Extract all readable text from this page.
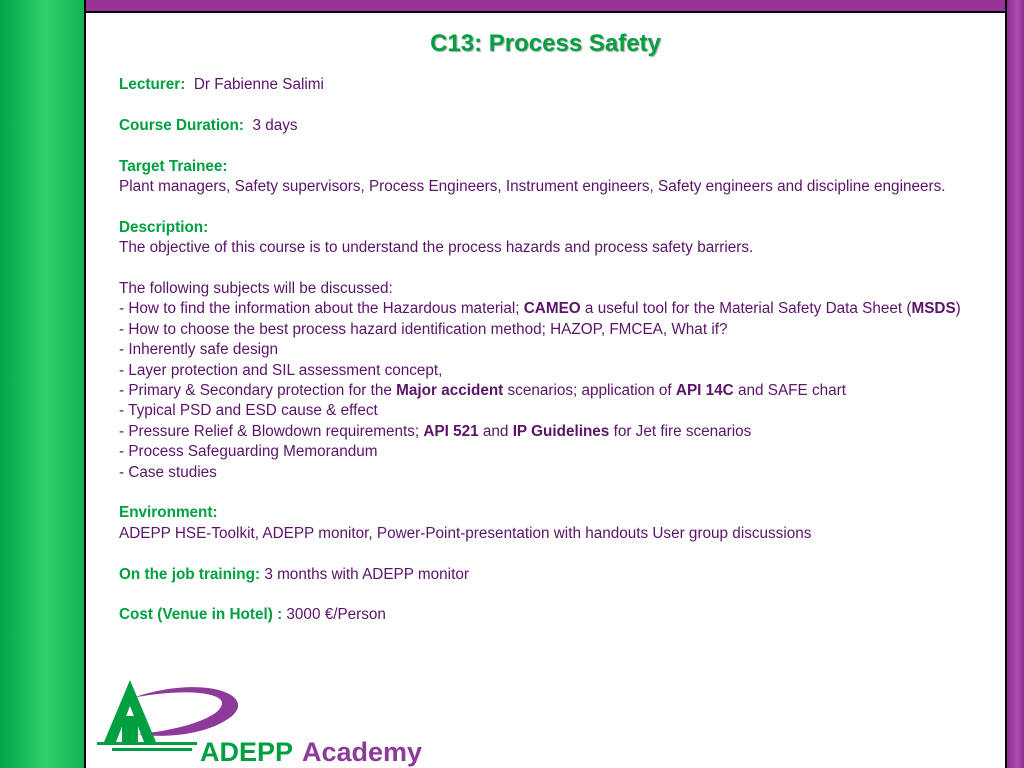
C13: Process Safety

Lecturer: Dr Fabienne Salimi

Course Duration: 3 days

Target Trainee:

Plant managers, Safety supervisors, Process Engineers, Instrument engineers, Safety engineers and discipline engineers.

Description:

The objective of this course is to understand the process hazards and process safety barriers.

The following subjects will be discussed:

- How to find the information about the Hazardous material; CAMEO a useful tool for the Material Safety Data Sheet (MSDS)

- How to choose the best process hazard identification method; HAZOP, FMCEA, What if?

- Inherently safe design

- Layer protection and SIL assessment concept,

- Primary & Secondary protection for the Major accident scenarios; application of API 14C and SAFE chart

- Typical PSD and ESD cause & effect

- Pressure Relief & Blowdown requirements; API 521 and IP Guidelines for Jet fire scenarios

- Process Safeguarding Memorandum

- Case studies

Environment:

ADEPP HSE-Toolkit, ADEPP monitor, Power-Point-presentation with handouts User group discussions

On the job training: 3 months with ADEPP monitor

Cost (Venue in Hotel) : 3000 €/Person

ADEPP Academy
